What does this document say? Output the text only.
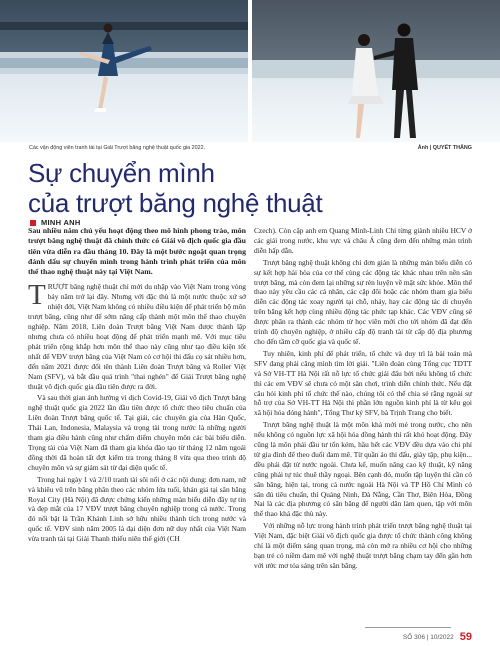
Các vận động viên tranh tài tại Giải Trượt băng nghệ thuật quốc gia 2022.	Ảnh | QUYẾT THẮNG
Sự chuyển mình
của trượt băng nghệ thuật
MINH ANH

Sau nhiều năm chủ yếu hoạt động theo mô hình phong trào, môn trượt băng nghệ thuật đã chính thức có Giải vô địch quốc gia đầu tiên vừa diễn ra đầu tháng 10. Đây là một bước ngoặt quan trọng đánh dấu sự chuyển mình trong hành trình phát triển của môn thể thao nghệ thuật này tại Việt Nam.

TRƯỢT băng nghệ thuật chỉ mới du nhập vào Việt Nam trong vòng bảy năm trở lại đây. Nhưng với đặc thù là một nước thuộc xứ sở nhiệt đới, Việt Nam không có nhiều điều kiện để phát triển bộ môn trượt băng, cũng như để sớm nâng cấp thành một môn thể thao chuyên nghiệp. Năm 2018, Liên đoàn Trượt băng Việt Nam được thành lập nhưng chưa có nhiều hoạt động để phát triển mạnh mẽ. Với mục tiêu phát triển rộng khắp hơn môn thể thao này cũng như tạo điều kiện tốt nhất để VĐV trượt băng của Việt Nam có cơ hội thi đấu cọ sát nhiều hơn, đến năm 2021 được đổi tên thành Liên đoàn Trượt băng và Roller Việt Nam (SFV), và bắt đầu quá trình "thai nghén" để Giải Trượt băng nghệ thuật vô địch quốc gia đầu tiên được ra đời.

Và sau thời gian ảnh hưởng vì dịch Covid-19, Giải vô địch Trượt băng nghệ thuật quốc gia 2022 lần đầu tiên được tổ chức theo tiêu chuẩn của Liên đoàn Trượt băng quốc tế. Tại giải, các chuyên gia của Hàn Quốc, Thái Lan, Indonesia, Malaysia và trọng tài trong nước là những người tham gia điều hành cũng như chấm điểm chuyên môn các bài biểu diễn. Trọng tài của Việt Nam đã tham gia khóa đào tạo từ tháng 12 năm ngoái đồng thời đã hoàn tất đợt kiểm tra trong tháng 8 vừa qua theo trình độ chuyên môn và sự giám sát từ đại diện quốc tế.

Trong hai ngày 1 và 2/10 tranh tài sôi nổi ở các nội dung: đơn nam, nữ và khiêu vũ trên băng phân theo các nhóm lứa tuổi, khán giả tại sân băng Royal City (Hà Nội) đã được chứng kiến những màn biểu diễn đầy tự tin và đẹp mắt của 17 VĐV trượt băng chuyên nghiệp trong cả nước. Trong đó nổi bật là Trần Khánh Linh sở hữu nhiều thành tích trong nước và quốc tế. VĐV sinh năm 2005 là đại diện đơn nữ duy nhất của Việt Nam vừa tranh tài tại Giải Thanh thiếu niên thế giới (CH

Czech). Còn cặp anh em Quang Minh-Linh Chi từng giành nhiều HCV ở các giải trong nước, khu vực và châu Á cũng đem đến những màn trình diễn hấp dẫn.

Trượt băng nghệ thuật không chỉ đơn giản là những màn biểu diễn có sự kết hợp hài hòa của cơ thể cùng các động tác khác nhau trên nền sân trượt băng, mà còn đem lại những sự rèn luyện về mặt sức khỏe. Môn thể thao này yêu cầu các cá nhân, các cặp đôi hoặc các nhóm tham gia biểu diễn các động tác xoay người tại chỗ, nhảy, hay các động tác di chuyển trên băng kết hợp cùng nhiều động tác phức tạp khác. Các VĐV cũng sẽ được phân ra thành các nhóm từ học viên mới cho tới nhóm đã đạt đến trình độ chuyên nghiệp, ở nhiều cấp độ tranh tài từ cấp độ địa phương cho đến tầm cỡ quốc gia và quốc tế.

Tuy nhiên, kinh phí để phát triển, tổ chức và duy trì là bài toán mà SFV đang phải căng mình tìm lời giải. "Liên đoàn cùng Tổng cục TDTT và Sở VH-TT Hà Nội rất nỗ lực tổ chức giải đấu bởi nếu không tổ chức thì các em VĐV sẽ chưa có một sân chơi, trình diễn chính thức. Nếu đặt câu hỏi kinh phí tổ chức thế nào, chúng tôi có thể chia sẻ rằng ngoài sự hỗ trợ của Sở VH-TT Hà Nội thì phần lớn nguồn kinh phí là từ kêu gọi xã hội hóa đóng hành", Tổng Thư ký SFV, bà Trịnh Trang cho biết.

Trượt băng nghệ thuật là một môn khá mới mẻ trong nước, cho nên nếu không có nguồn lực xã hội hóa đồng hành thì rất khó hoạt động. Đây cũng là môn phải đầu tư tốn kém, hầu hết các VĐV đều dựa vào chi phí từ gia đình để theo đuổi đam mê. Từ quần áo thi đấu, giày tập, phụ kiện... đều phải đặt từ nước ngoài. Chưa kể, muốn nâng cao kỹ thuật, kỹ năng cũng phải tự túc thuê thầy ngoại. Bên cạnh đó, muốn tập luyện thì cần có sân băng, hiện tại, trong cả nước ngoài Hà Nội và TP Hồ Chí Minh có sân đủ tiêu chuẩn, thì Quảng Ninh, Đà Nẵng, Cần Thơ, Biên Hòa, Đồng Nai là các địa phương có sân băng để người dân làm quen, tập với môn thể thao khá đặc thù này.

Với những nỗ lực trong hành trình phát triển trượt băng nghệ thuật tại Việt Nam, đặc biệt Giải vô địch quốc gia được tổ chức thành công không chỉ là một điểm sáng quan trọng, mà còn mở ra nhiều cơ hội cho những bạn trẻ có niềm đam mê với nghệ thuật trượt băng chạm tay đến gần hơn với ước mơ tỏa sáng trên sân băng.

SỐ 306 | 10/2022 59
